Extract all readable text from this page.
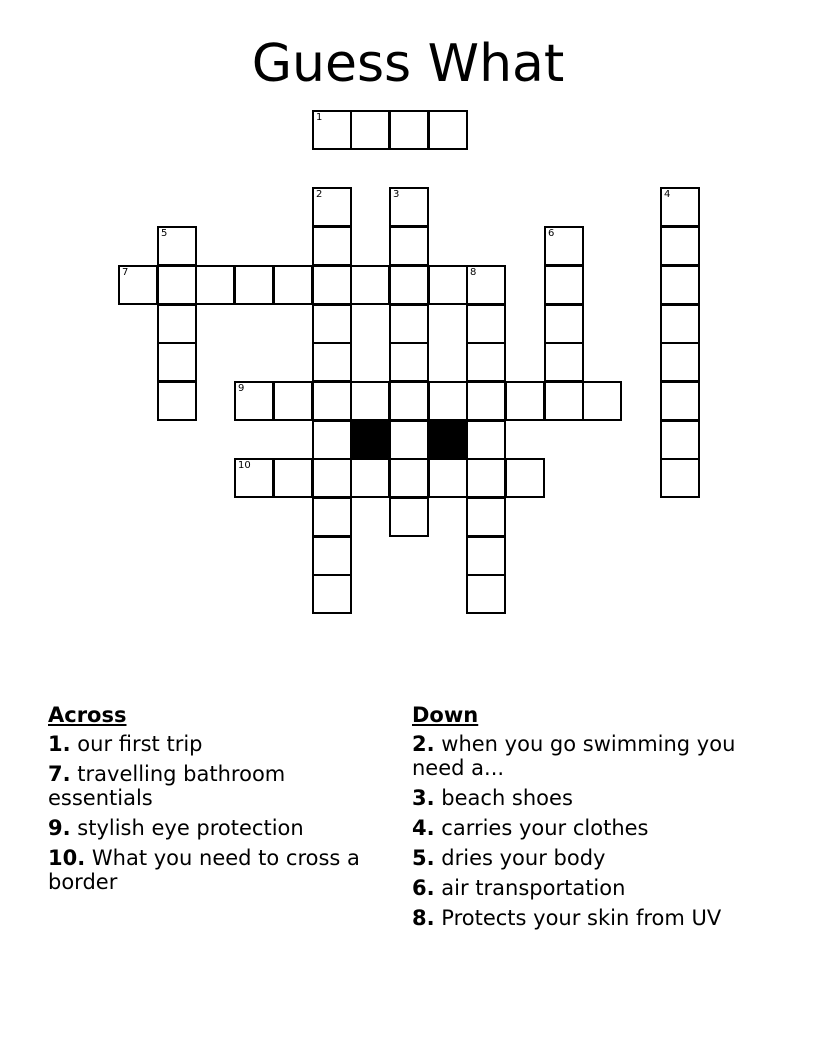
Guess What
1
2	3	4
5	6
7	8
9
10
Across
1. our first trip
7. travelling bathroom essentials
9. stylish eye protection
10. What you need to cross a border
Down
2. when you go swimming you need a...
3. beach shoes
4. carries your clothes
5. dries your body
6. air transportation
8. Protects your skin from UV
